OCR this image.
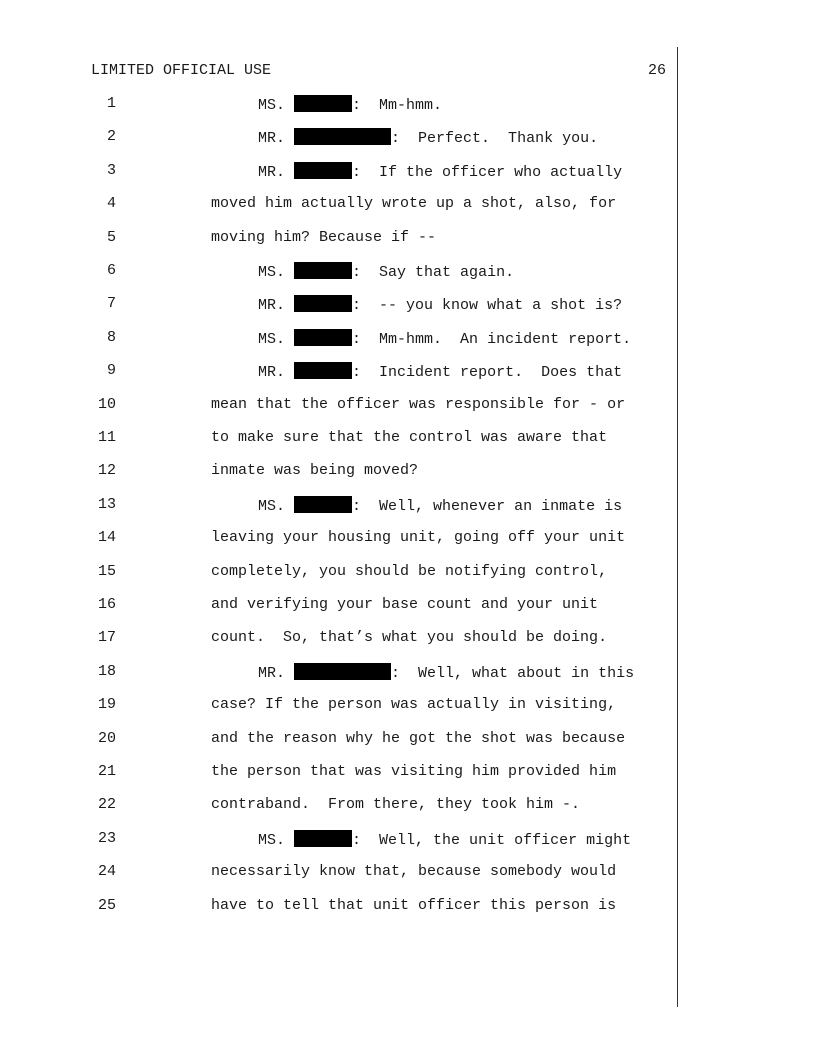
LIMITED OFFICIAL USE	26
1	MS.	:  Mm-hmm.
2	MR.	:  Perfect.  Thank you.
3	MR.	:  If the officer who actually
4	moved him actually wrote up a shot, also, for
5	moving him? Because if --
6	MS.	:  Say that again.
7	MR.	:  -- you know what a shot is?
8	MS.	:  Mm-hmm.  An incident report.
9	MR.	:  Incident report.  Does that
10	mean that the officer was responsible for - or
11	to make sure that the control was aware that
12	inmate was being moved?
13	MS.	:  Well, whenever an inmate is
14	leaving your housing unit, going off your unit
15	completely, you should be notifying control,
16	and verifying your base count and your unit
17	count.  So, that’s what you should be doing.
18	MR.	:  Well, what about in this
19	case? If the person was actually in visiting,
20	and the reason why he got the shot was because
21	the person that was visiting him provided him
22	contraband.  From there, they took him -.
23	MS.	:  Well, the unit officer might
24	necessarily know that, because somebody would
25	have to tell that unit officer this person is
